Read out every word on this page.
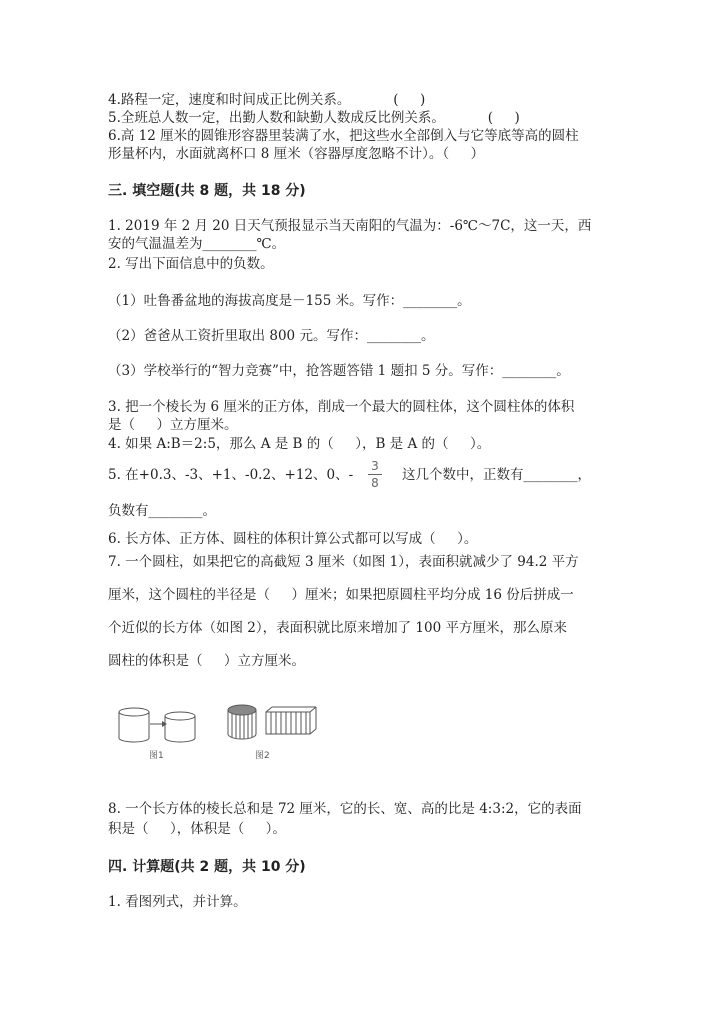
4.路程一定，速度和时间成正比例关系。          (     )
5.全班总人数一定，出勤人数和缺勤人数成反比例关系。          (     )
6.高 12 厘米的圆锥形容器里装满了水，把这些水全部倒入与它等底等高的圆柱
形量杯内，水面就离杯口 8 厘米（容器厚度忽略不计）。（     ）
三. 填空题(共 8 题，共 18 分)
1. 2019 年 2 月 20 日天气预报显示当天南阳的气温为：-6℃～7C，这一天，西
安的气温温差为________℃。
2. 写出下面信息中的负数。
（1）吐鲁番盆地的海拔高度是－155 米。写作：________。
（2）爸爸从工资折里取出 800 元。写作：________。
（3）学校举行的“智力竞赛”中，抢答题答错 1 题扣 5 分。写作：________。
3. 把一个棱长为 6 厘米的正方体，削成一个最大的圆柱体，这个圆柱体的体积
是（     ）立方厘米。
4. 如果 A:B＝2:5，那么 A 是 B 的（     ），B 是 A 的（     ）。
5. 在+0.3、-3、+1、-0.2、+12、0、-
3
8 这几个数中，正数有________，
负数有________。
6. 长方体、正方体、圆柱的体积计算公式都可以写成（     ）。
7. 一个圆柱，如果把它的高截短 3 厘米（如图 1），表面积就减少了 94.2 平方
厘米，这个圆柱的半径是（     ）厘米；如果把原圆柱平均分成 16 份后拼成一
个近似的长方体（如图 2），表面积就比原来增加了 100 平方厘米，那么原来
圆柱的体积是（     ）立方厘米。
图1	图2
8. 一个长方体的棱长总和是 72 厘米，它的长、宽、高的比是 4:3:2，它的表面
积是（     ），体积是（     ）。
四. 计算题(共 2 题，共 10 分)
1. 看图列式，并计算。
